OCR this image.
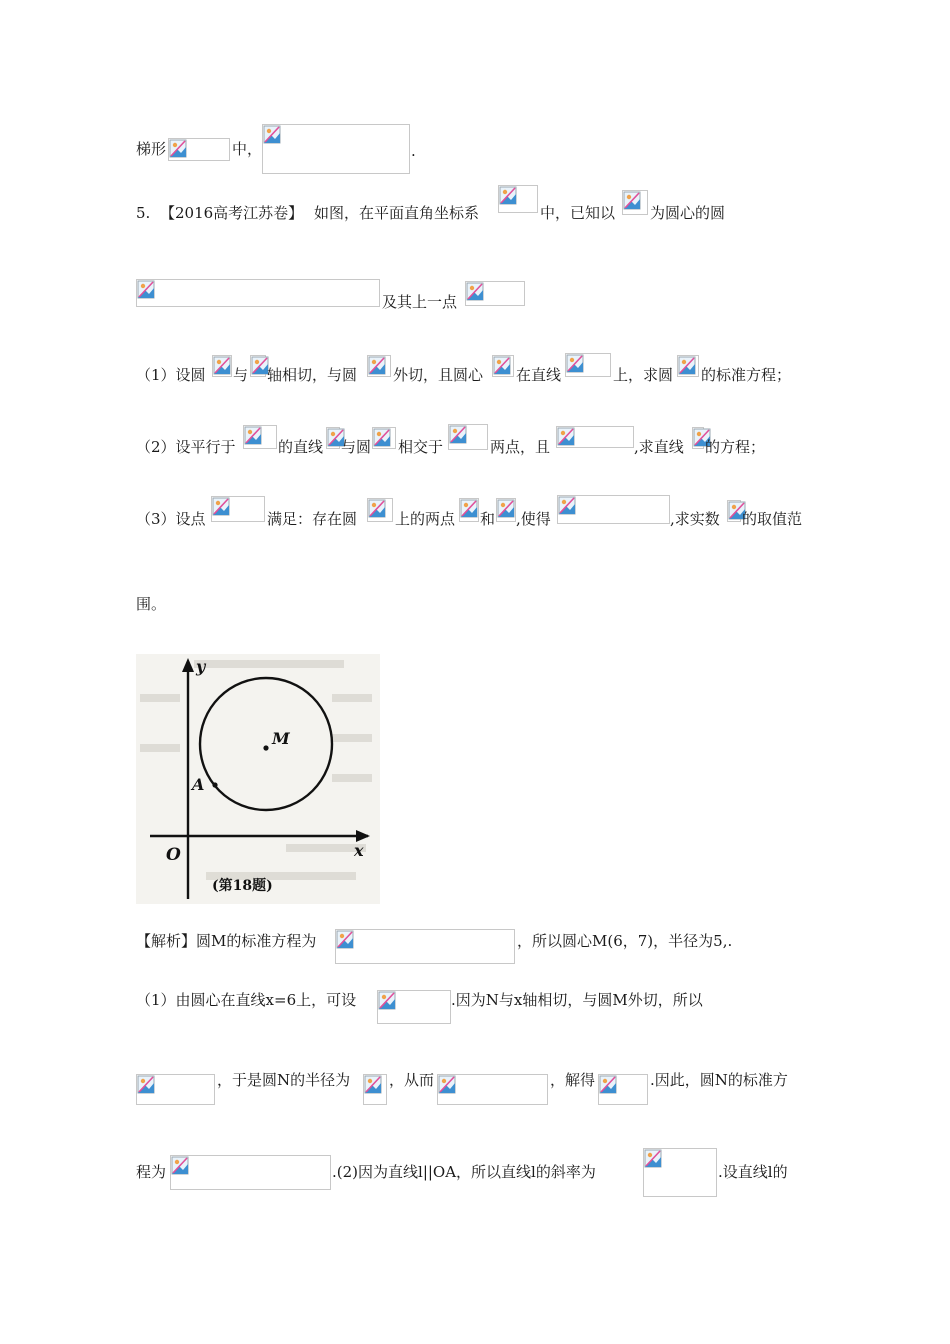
梯形	中，	.
5. 【2016高考江苏卷】 如图，在平面直角坐标系	中，已知以 为圆心的圆
及其上一点
（1）设圆 与 轴相切，与圆 外切，且圆心 在直线	上，求圆 的标准方程；
（2）设平行于	的直线 与圆 相交于	两点，且	,求直线 的方程；
（3）设点	满足：存在圆	上的两点 和 ,使得	,求实数 的取值范
围。
y
x
O
A
M
(第18题)
【解析】 圆M的标准方程为	，所以圆心M(6，7)，半径为5,.
（1）由圆心在直线x=6上，可设	.因为N与x轴相切，与圆M外切，所以
，于是圆N的半径为	，从而	，解得	.因此，圆N的标准方
程为	.(2)因为直线l||OA，所以直线l的斜率为	.设直线l的
